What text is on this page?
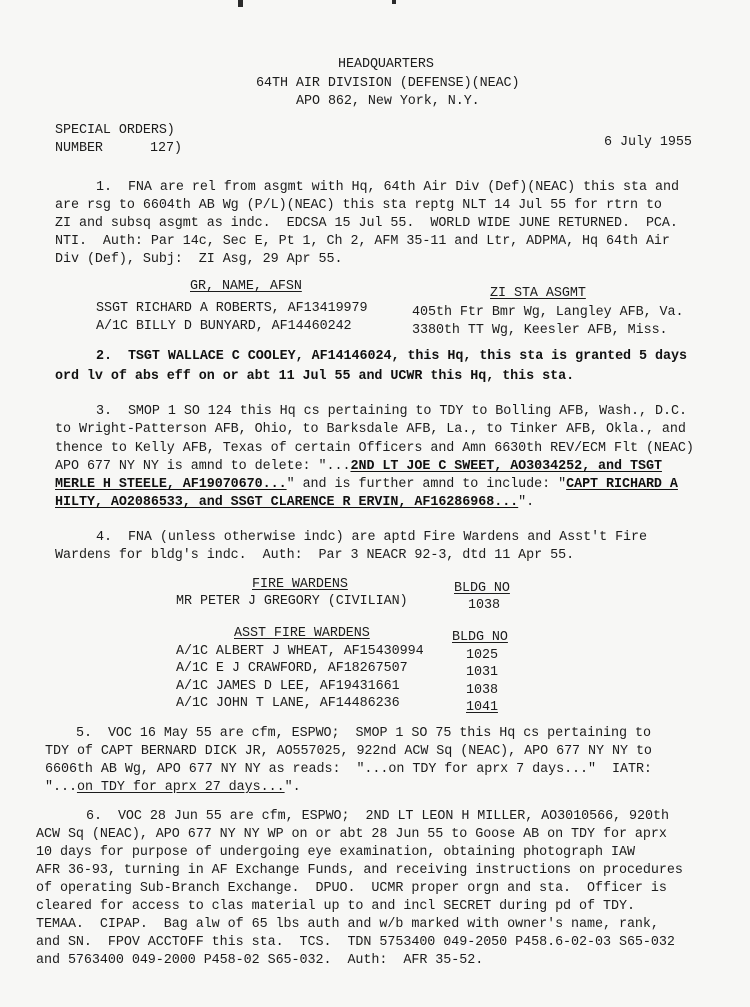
HEADQUARTERS
64TH AIR DIVISION (DEFENSE)(NEAC)
APO 862, New York, N.Y.
SPECIAL ORDERS)
NUMBER	127)	6 July 1955
1.  FNA are rel from asgmt with Hq, 64th Air Div (Def)(NEAC) this sta and
are rsg to 6604th AB Wg (P/L)(NEAC) this sta reptg NLT 14 Jul 55 for rtrn to
ZI and subsq asgmt as indc.  EDCSA 15 Jul 55.  WORLD WIDE JUNE RETURNED.  PCA.
NTI.  Auth: Par 14c, Sec E, Pt 1, Ch 2, AFM 35-11 and Ltr, ADPMA, Hq 64th Air
Div (Def), Subj:  ZI Asg, 29 Apr 55.
GR, NAME, AFSN	ZI STA ASGMT
SSGT RICHARD A ROBERTS, AF13419979	405th Ftr Bmr Wg, Langley AFB, Va.
A/1C BILLY D BUNYARD, AF14460242	3380th TT Wg, Keesler AFB, Miss.
2.  TSGT WALLACE C COOLEY, AF14146024, this Hq, this sta is granted 5 days
ord lv of abs eff on or abt 11 Jul 55 and UCWR this Hq, this sta.
3.  SMOP 1 SO 124 this Hq cs pertaining to TDY to Bolling AFB, Wash., D.C.
to Wright-Patterson AFB, Ohio, to Barksdale AFB, La., to Tinker AFB, Okla., and
thence to Kelly AFB, Texas of certain Officers and Amn 6630th REV/ECM Flt (NEAC)
APO 677 NY NY is amnd to delete: "...2ND LT JOE C SWEET, AO3034252, and TSGT
MERLE H STEELE, AF19070670..." and is further amnd to include: "CAPT RICHARD A
HILTY, AO2086533, and SSGT CLARENCE R ERVIN, AF16286968...".
4.  FNA (unless otherwise indc) are aptd Fire Wardens and Asst't Fire
Wardens for bldg's indc.  Auth:  Par 3 NEACR 92-3, dtd 11 Apr 55.
FIRE WARDENS	BLDG NO
MR PETER J GREGORY (CIVILIAN)	1038
ASST FIRE WARDENS	BLDG NO
A/1C ALBERT J WHEAT, AF15430994	1025
A/1C E J CRAWFORD, AF18267507	1031
A/1C JAMES D LEE, AF19431661	1038
A/1C JOHN T LANE, AF14486236	1041
5.  VOC 16 May 55 are cfm, ESPWO;  SMOP 1 SO 75 this Hq cs pertaining to
TDY of CAPT BERNARD DICK JR, AO557025, 922nd ACW Sq (NEAC), APO 677 NY NY to
6606th AB Wg, APO 677 NY NY as reads:  "...on TDY for aprx 7 days..."  IATR:
"...on TDY for aprx 27 days...".
6.  VOC 28 Jun 55 are cfm, ESPWO;  2ND LT LEON H MILLER, AO3010566, 920th
ACW Sq (NEAC), APO 677 NY NY WP on or abt 28 Jun 55 to Goose AB on TDY for aprx
10 days for purpose of undergoing eye examination, obtaining photograph IAW
AFR 36-93, turning in AF Exchange Funds, and receiving instructions on procedures
of operating Sub-Branch Exchange.  DPUO.  UCMR proper orgn and sta.  Officer is
cleared for access to clas material up to and incl SECRET during pd of TDY.
TEMAA.  CIPAP.  Bag alw of 65 lbs auth and w/b marked with owner's name, rank,
and SN.  FPOV ACCTOFF this sta.  TCS.  TDN 5753400 049-2050 P458.6-02-03 S65-032
and 5763400 049-2000 P458-02 S65-032.  Auth:  AFR 35-52.
